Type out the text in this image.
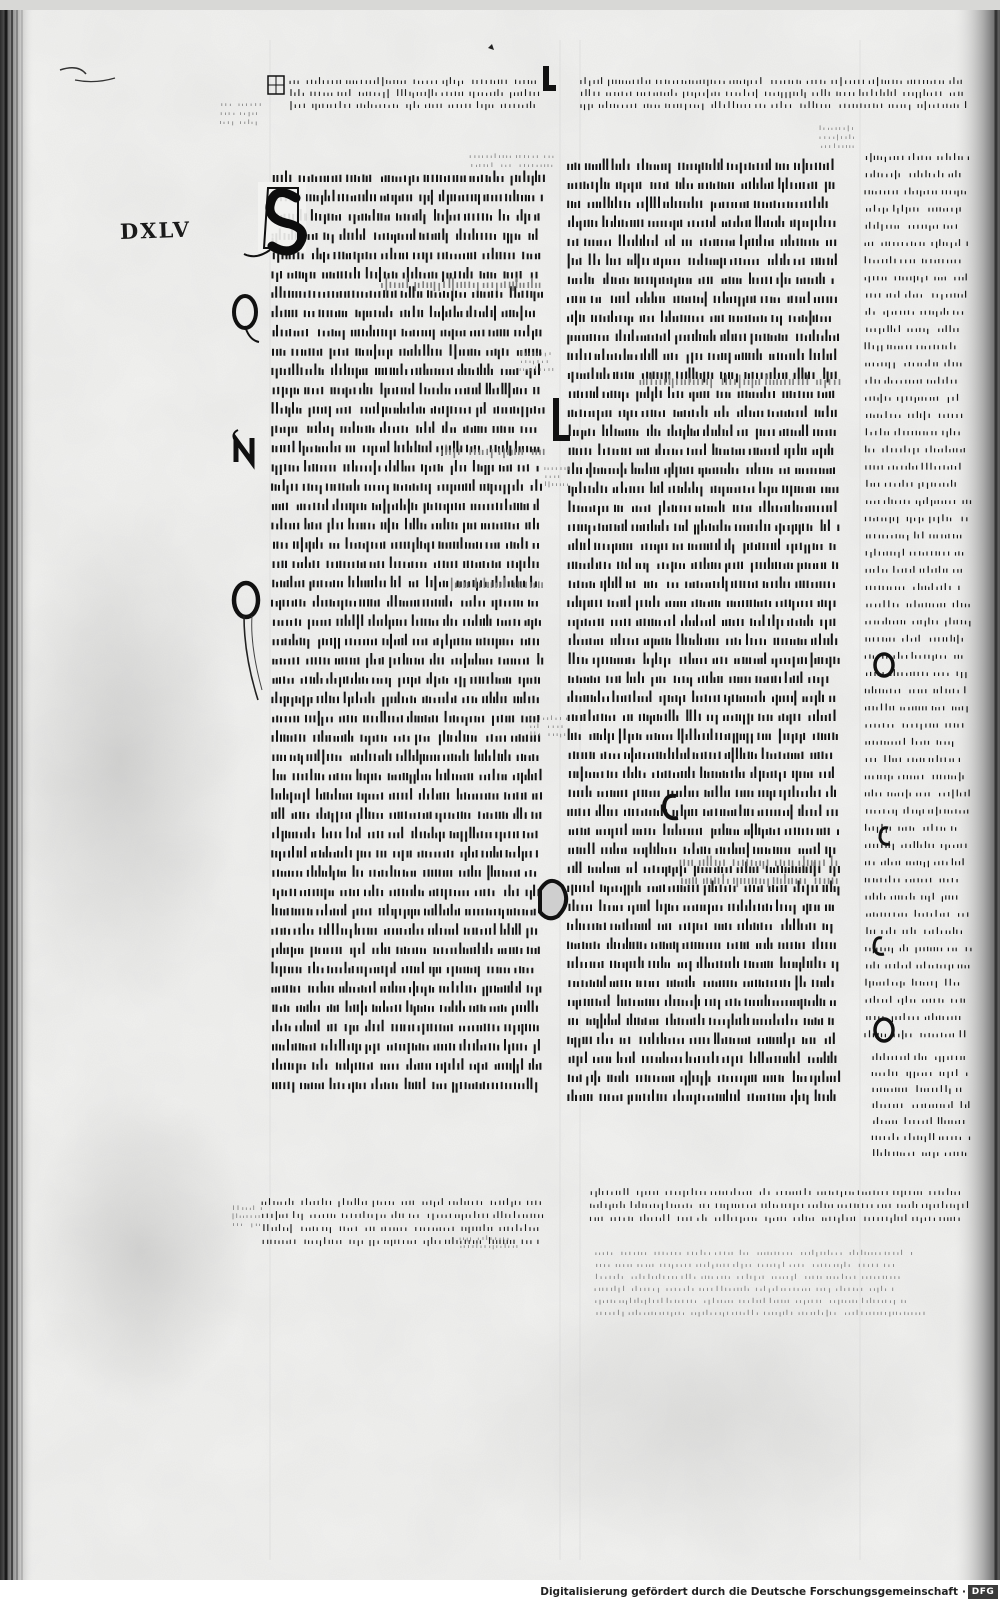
DXLV	S
Digitalisierung gefördert durch die Deutsche Forschungsgemeinschaft · DFG
